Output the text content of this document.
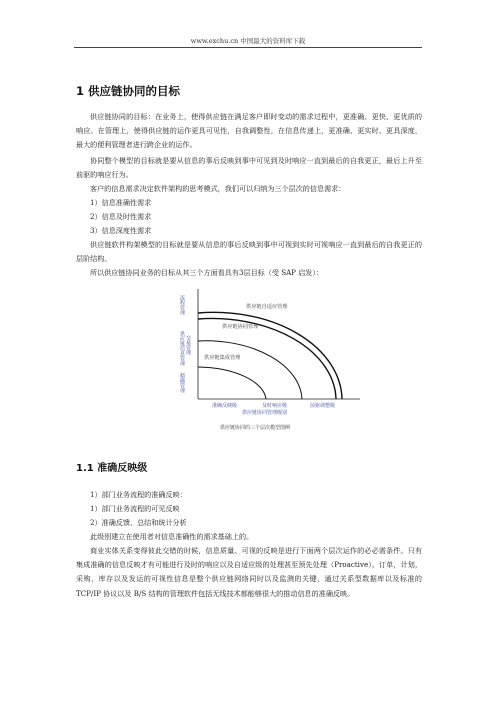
www.exchu.cn 中国最大的资料库下载
1 供应链协同的目标
供应链协同的目标：在业务上，使得供应链在满足客户即时变动的需求过程中，更准确、更快、更优质的响应。在管理上，使得供应链的运作更具可见性，自我调整性，在信息传递上，更准确、更实时、更具深度，最大的便利管理者进行跨企业的运作。
协同整个模型的目标就是要从信息的事后反映到事中可见到及时响应一直到最后的自我更正，最后上升至前驱的响应行为。
客户的信息需求决定软件架构的思考模式，我们可以归纳为三个层次的信息需求：
1）信息准确性需求
2）信息及时性需求
3）信息深度性需求
供应链软件构架模型的目标就是要从信息的事后反映到事中可视到实时可视响应一直到最后的自我更正的层阶结构。
所以供应链协同业务的目标从其三个方面看具有3层目标（受 SAP 启发）：
流程管理
供应链信息管理 交易管理
精确管理
供应链自适应管理
供应链协同管理
供应链集成管理
准确反映级	及时响应级	前驱调整级
供应链协同管理级别
供应链协同的三个层次模型图例
1.1 准确反映级
1）部门业务流程的准确反映：
1）部门业务流程的可见反映
2）准确反馈、总结和统计分析
此级别建立在使用者对信息准确性的需求基础上的。
商业实体关系变得彼此交错的时候，信息质量、可视的反映是进行下面两个层次运作的必必需条件。只有集成准确的信息反映才有可能进行及时的响应以及自适应级的处理甚至预先处理（Proactive）。订单，计划，采购，库存以及发运的可视性信息是整个供应链网络同时以及监测的关键，通过关系型数据库以及标准的 TCP/IP 协议以及 B/S 结构的管理软件包括无线技术都能够很大的推动信息的准确反映。
